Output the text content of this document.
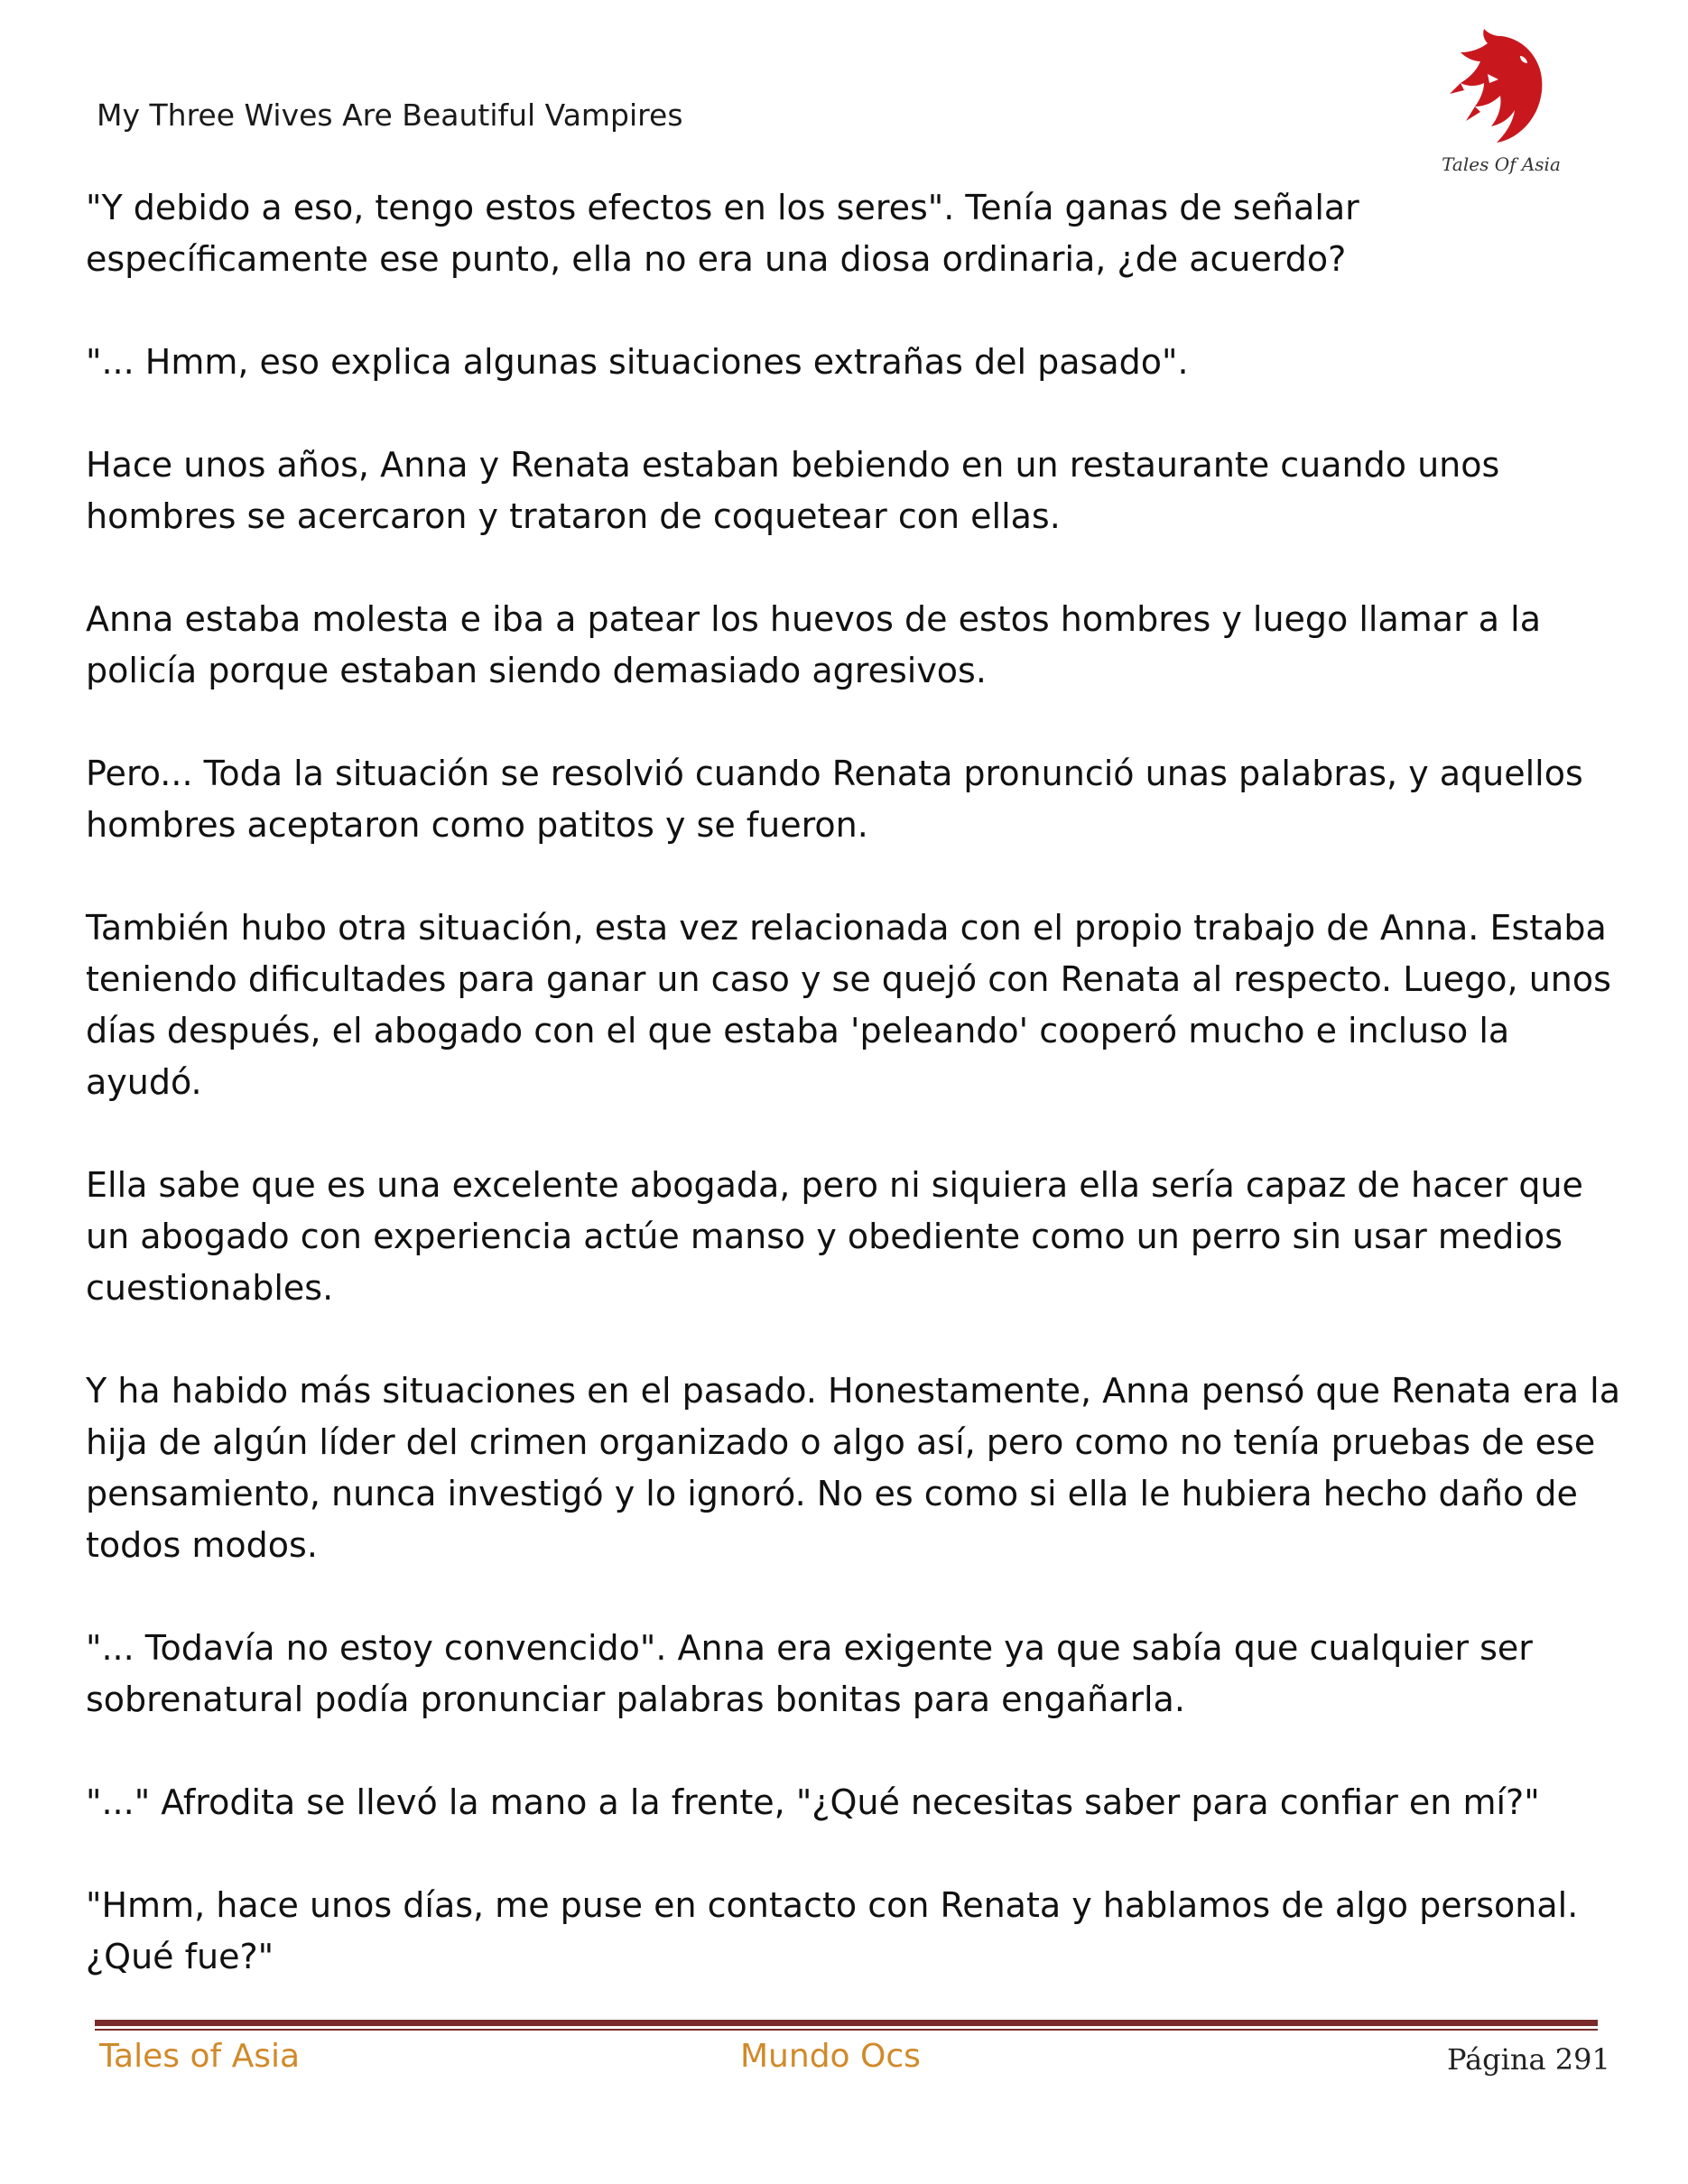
My Three Wives Are Beautiful Vampires
Tales Of Asia

"Y debido a eso, tengo estos efectos en los seres". Tenía ganas de señalar específicamente ese punto, ella no era una diosa ordinaria, ¿de acuerdo?

"... Hmm, eso explica algunas situaciones extrañas del pasado".

Hace unos años, Anna y Renata estaban bebiendo en un restaurante cuando unos hombres se acercaron y trataron de coquetear con ellas.

Anna estaba molesta e iba a patear los huevos de estos hombres y luego llamar a la policía porque estaban siendo demasiado agresivos.

Pero... Toda la situación se resolvió cuando Renata pronunció unas palabras, y aquellos hombres aceptaron como patitos y se fueron.

También hubo otra situación, esta vez relacionada con el propio trabajo de Anna. Estaba teniendo dificultades para ganar un caso y se quejó con Renata al respecto. Luego, unos días después, el abogado con el que estaba 'peleando' cooperó mucho e incluso la ayudó.

Ella sabe que es una excelente abogada, pero ni siquiera ella sería capaz de hacer que un abogado con experiencia actúe manso y obediente como un perro sin usar medios cuestionables.

Y ha habido más situaciones en el pasado. Honestamente, Anna pensó que Renata era la hija de algún líder del crimen organizado o algo así, pero como no tenía pruebas de ese pensamiento, nunca investigó y lo ignoró. No es como si ella le hubiera hecho daño de todos modos.

"... Todavía no estoy convencido". Anna era exigente ya que sabía que cualquier ser sobrenatural podía pronunciar palabras bonitas para engañarla.

"..." Afrodita se llevó la mano a la frente, "¿Qué necesitas saber para confiar en mí?"

"Hmm, hace unos días, me puse en contacto con Renata y hablamos de algo personal. ¿Qué fue?"

Tales of Asia	Mundo Ocs	Página 291
